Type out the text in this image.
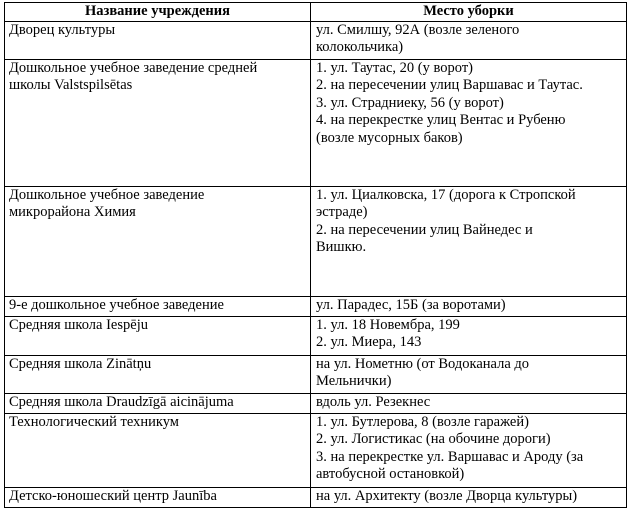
Название учреждения	Место уборки

Дворец культуры	ул. Смилшу, 92А (возле зеленого
колокольчика)

Дошкольное учебное заведение средней
школы Valstspilsētas	1. ул. Таутас, 20 (у ворот)
2. на пересечении улиц Варшавас и Таутас.
3. ул. Страдниеку, 56 (у ворот)
4. на перекрестке улиц Вентас и Рубеню
(возле мусорных баков)

Дошкольное учебное заведение
микрорайона Химия	1. ул. Циалковска, 17 (дорога к Стропской
эстраде)
2. на пересечении улиц Вайнедес и
Вишкю.

9-е дошкольное учебное заведение	ул. Парадес, 15Б (за воротами)

Средняя школа Iespēju	1. ул. 18 Новембра, 199
2. ул. Миера, 143

Средняя школа Zinātņu	на ул. Нометню (от Водоканала до
Мельнички)

Средняя школа Draudzīgā aicinājuma	вдоль ул. Резекнес

Технологический техникум	1. ул. Бутлерова, 8 (возле гаражей)
2. ул. Логистикас (на обочине дороги)
3. на перекрестке ул. Варшавас и Ароду (за
автобусной остановкой)

Детско-юношеский центр Jaunība	на ул. Архитекту (возле Дворца культуры)
